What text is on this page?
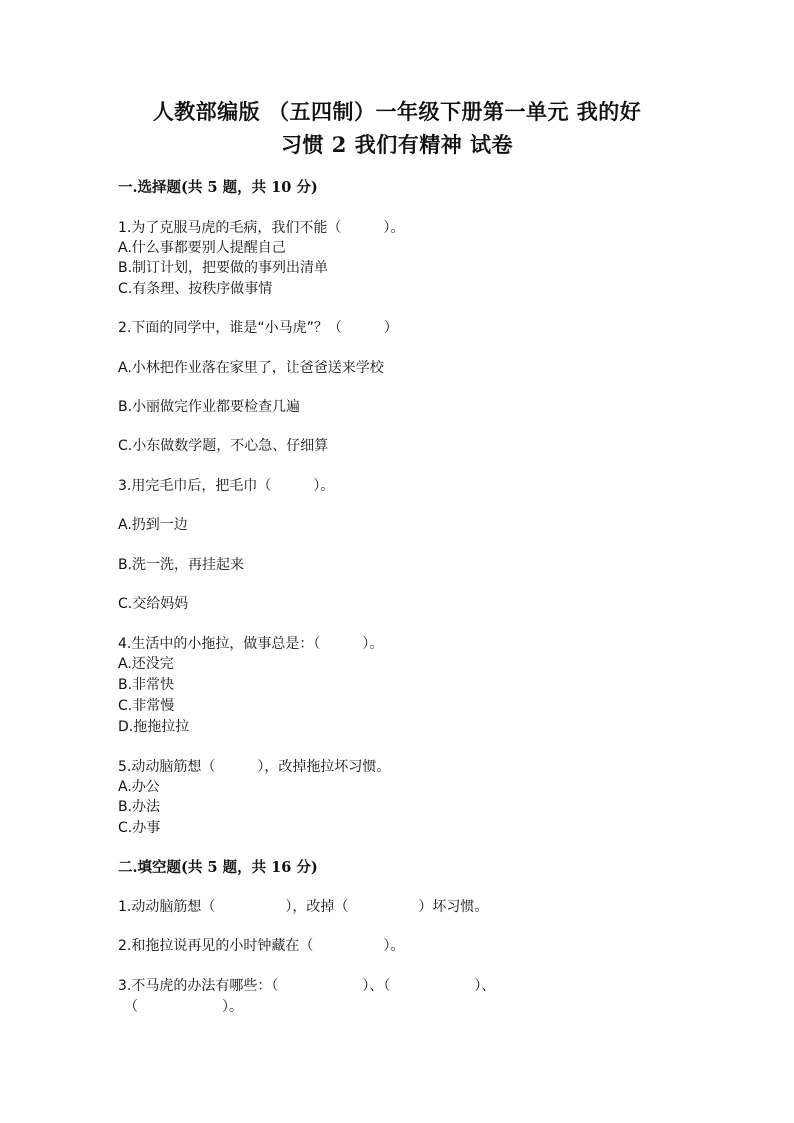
人教部编版 （五四制）一年级下册第一单元 我的好
习惯 2 我们有精神 试卷
一.选择题(共 5 题，共 10 分)
1.为了克服马虎的毛病，我们不能（　　　）。
A.什么事都要别人提醒自己
B.制订计划，把要做的事列出清单
C.有条理、按秩序做事情
2.下面的同学中，谁是“小马虎”？（　　　）
A.小林把作业落在家里了，让爸爸送来学校
B.小丽做完作业都要检查几遍
C.小东做数学题，不心急、仔细算
3.用完毛巾后，把毛巾（　　　）。
A.扔到一边
B.洗一洗，再挂起来
C.交给妈妈
4.生活中的小拖拉，做事总是：（　　　）。
A.还没完
B.非常快
C.非常慢
D.拖拖拉拉
5.动动脑筋想（　　　），改掉拖拉坏习惯。
A.办公
B.办法
C.办事
二.填空题(共 5 题，共 16 分)
1.动动脑筋想（　　　　　），改掉（　　　　　）坏习惯。
2.和拖拉说再见的小时钟藏在（　　　　　）。
3.不马虎的办法有哪些：（　　　　　　）、（　　　　　　）、
（　　　　　　）。
